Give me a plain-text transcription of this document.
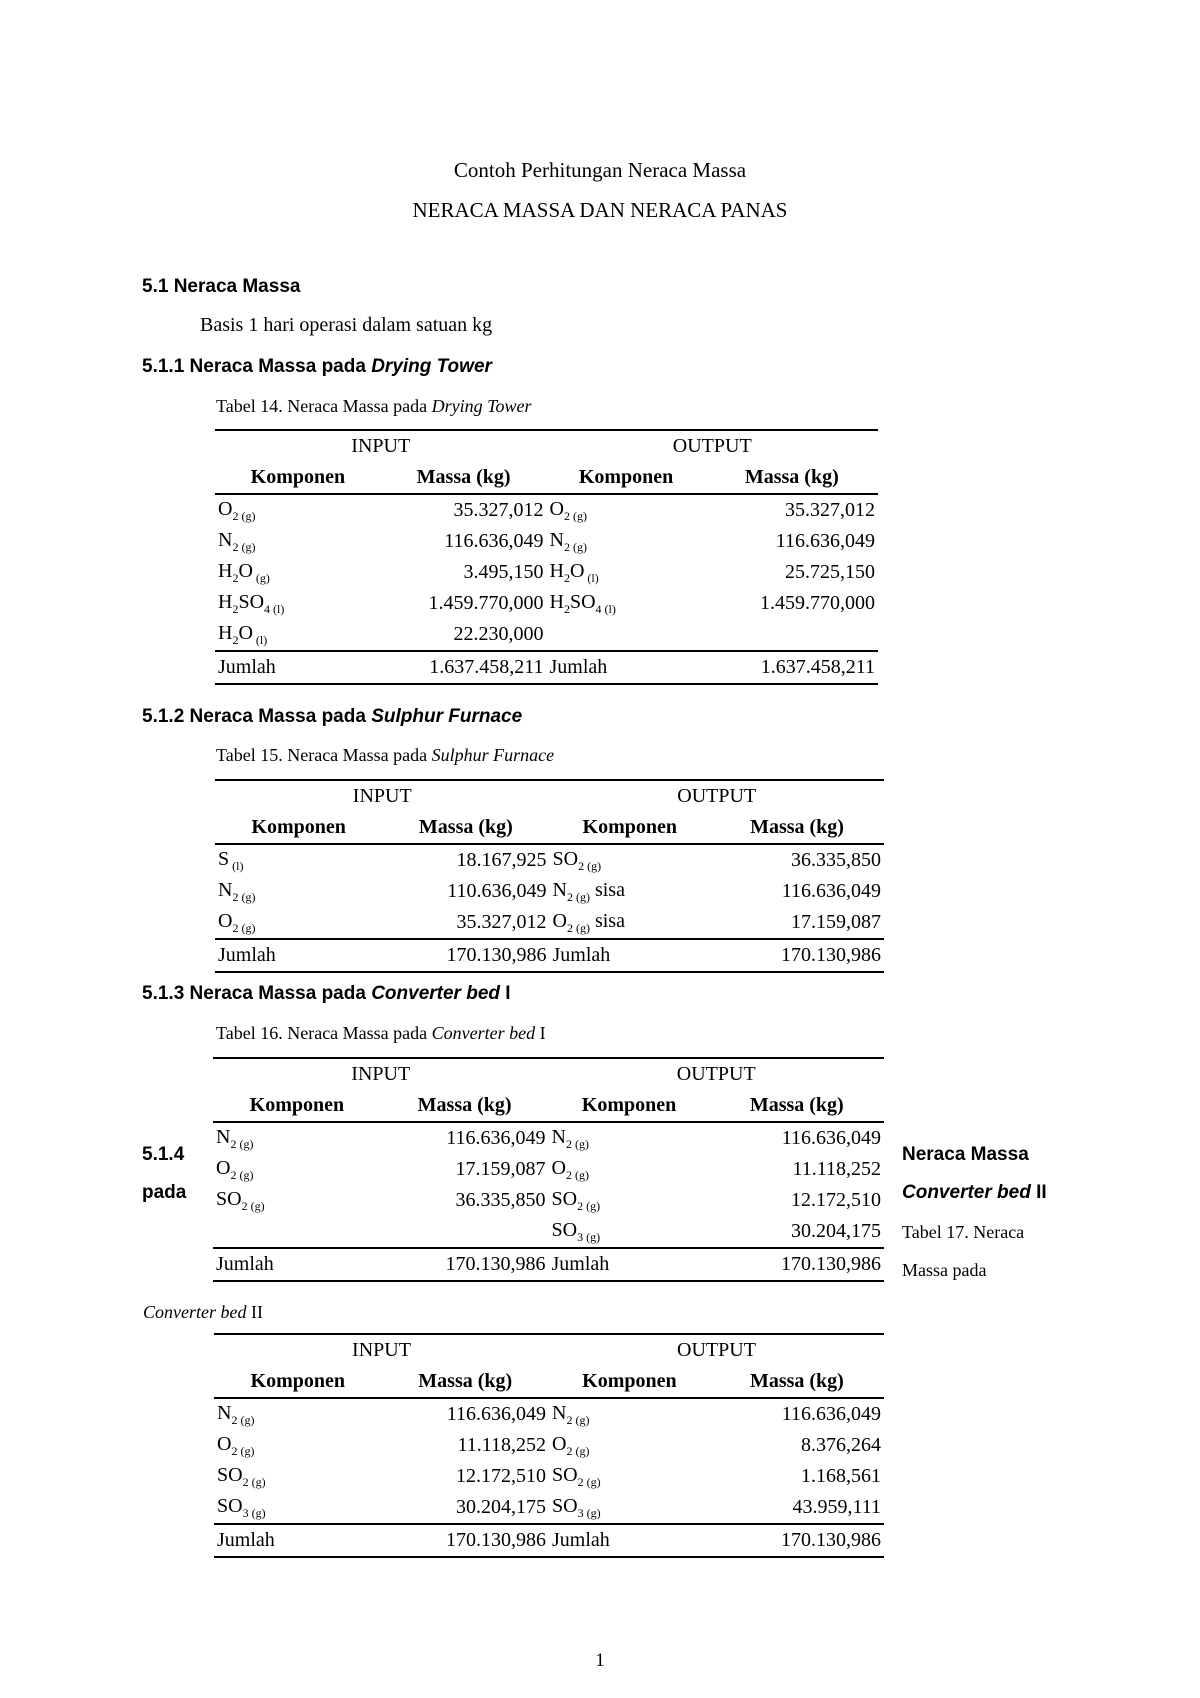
Contoh Perhitungan Neraca Massa
NERACA MASSA DAN NERACA PANAS
5.1 Neraca Massa
Basis 1 hari operasi dalam satuan kg
5.1.1 Neraca Massa pada Drying Tower
Tabel 14. Neraca Massa pada Drying Tower
INPUT		OUTPUT	
Komponen	Massa (kg)	Komponen	Massa (kg)
$O_2$ $_{(g)}$	35.327,012	$O_2$ $_{(g)}$	35.327,012
$N_2$ $_{(g)}$	116.636,049	$N_2$ $_{(g)}$	116.636,049
$H_2O$ $_{(g)}$	3.495,150	$H_2O$ $_{(l)}$	25.725,150
$H_2SO_4$ $_{(l)}$	1.459.770,000	$H_2SO_4$ $_{(l)}$	1.459.770,000
$H_2O$ $_{(l)}$	22.230,000		
Jumlah	1.637.458,211	Jumlah	1.637.458,211
5.1.2 Neraca Massa pada Sulphur Furnace
Tabel 15. Neraca Massa pada Sulphur Furnace
INPUT		OUTPUT	
Komponen	Massa (kg)	Komponen	Massa (kg)
S $_{(l)}$	18.167,925	$SO_2$ $_{(g)}$	36.335,850
$N_2$ $_{(g)}$	110.636,049	$N_2$ $_{(g)}$ sisa	116.636,049
$O_2$ $_{(g)}$	35.327,012	$O_2$ $_{(g)}$ sisa	17.159,087
Jumlah	170.130,986	Jumlah	170.130,986
5.1.3 Neraca Massa pada Converter bed I
Tabel 16. Neraca Massa pada Converter bed I
INPUT		OUTPUT	
Komponen	Massa (kg)	Komponen	Massa (kg)
$N_2$ $_{(g)}$	116.636,049	$N_2$ $_{(g)}$	116.636,049
$O_2$ $_{(g)}$	17.159,087	$O_2$ $_{(g)}$	11.118,252
$SO_2$ $_{(g)}$	36.335,850	$SO_2$ $_{(g)}$	12.172,510
		$SO_3$ $_{(g)}$	30.204,175
Jumlah	170.130,986	Jumlah	170.130,986
5.1.4
pada
Neraca Massa
Converter bed II
Tabel 17. Neraca
Massa pada
Converter bed II
INPUT		OUTPUT	
Komponen	Massa (kg)	Komponen	Massa (kg)
$N_2$ $_{(g)}$	116.636,049	$N_2$ $_{(g)}$	116.636,049
$O_2$ $_{(g)}$	11.118,252	$O_2$ $_{(g)}$	8.376,264
$SO_2$ $_{(g)}$	12.172,510	$SO_2$ $_{(g)}$	1.168,561
$SO_3$ $_{(g)}$	30.204,175	$SO_3$ $_{(g)}$	43.959,111
Jumlah	170.130,986	Jumlah	170.130,986
1
